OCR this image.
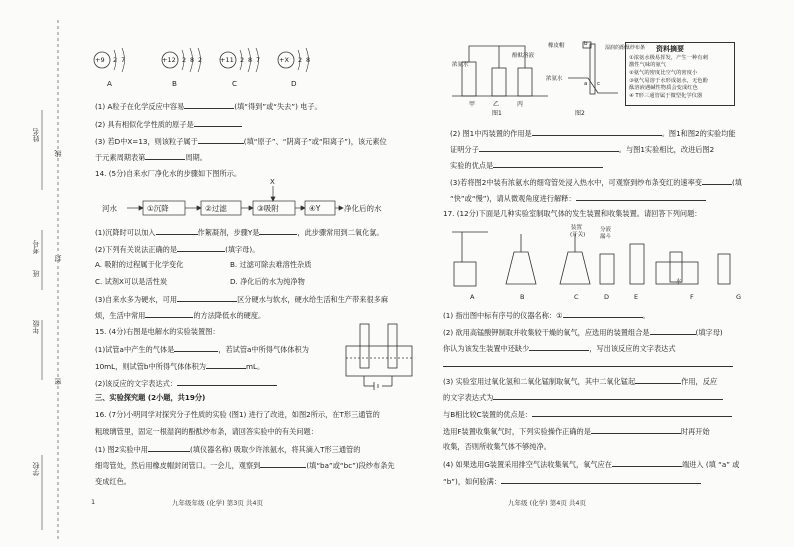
姓名
线
考号
封
班
年级
密
学校
+9 2 7	+12 2 8 2	+11 2 8 7	+X 2 8
A	B	C	D
(1) A粒子在化学反应中容易	(填“得到”或“失去”) 电子。
(2) 具有相似化学性质的原子是
(3) 若D中X=13，则该粒子属于	(填“原子”、“阴离子”或“阳离子”)，该元素位
于元素周期表第	周期。
14. (5分)自来水厂净化水的步骤如下图所示。
河水	①沉降	②过滤	③吸附	④Y	净化后的水
X
(1)沉降时可以加入	作絮凝剂，步骤Y是	，此步骤常用到二氧化氯。
(2)下列有关说法正确的是	(填字母)。
A. 吸附的过程属于化学变化	B. 过滤可除去难溶性杂质
C. 试剂X可以是活性炭	D. 净化后的水为纯净物
(3)自来水多为硬水，可用	区分硬水与软水，硬水给生活和生产带来很多麻
烦，生活中常用	的方法降低水的硬度。
15. (4分)右图是电解水的实验装置图：
(1)试管a中产生的气体是	，若试管a中所得气体体积为
10mL，则试管b中所得气体体积为	mL。
(2)该反应的文字表达式：
三、实验探究题 (2小题，共19分)
16. (7分)小明同学对探究分子性质的实验 (图1) 进行了改进，如图2所示，在T形三通管的
粗玻璃管里，固定一根湿润的酚酞纱布条，请回答实验中的有关问题：
(1) 图2实验中用	(填仪器名称) 吸取少许浓氨水，将其滴入T形三通管的
细弯管处，然后用橡皮帽封闭管口。一会儿，观察到	(填“ba”或“bc”)段纱布条先
变成红色。
1	九年级年级 (化学) 第3页 共4页
浓氨水
酚酞溶液
甲	乙	丙
图1	图2
橡皮帽
浓氨水
湿润的酚酞纱布条
b
c
a
资料摘要
①浓氨水极易挥发，产生一种有刺
激性气味的氨气
②氨气的密度比空气的密度小
③氨气易溶于水形成氨水，无色酚
酞溶液遇碱性物质会变成红色
④ T形三通管属于微型化学仪器
(2) 图1中丙装置的作用是	。图1和图2的实验均能
证明分子	。与图1实验相比，改进后图2
实验的优点是
(3)若将图2中装有浓氨水的细弯管处浸入热水中，可观察到纱布条变红的速率变	(填
“快”或“慢”)，请从微观角度进行解释：
17. (12分)下面是几种实验室制取气体的发生装置和收集装置。请回答下列问题：
A	B	C	D	E	F	G
装置
(开关)
分液
漏斗
水
(1) 指出图中标有序号的仪器名称：①	。
(2) 欲用高锰酸钾制取并收集较干燥的氧气，应选用的装置组合是	(填字母)
你认为该发生装置中还缺少	，写出该反应的文字表达式
(3) 实验室用过氧化氢和二氧化锰制取氧气，其中二氧化锰起	作用，反应
的文字表达式为
与B相比较C装置的优点是：
选用F装置收集氧气时，下列实验操作正确的是	时再开始
收集，否则所收集气体不够纯净。
(4) 如果选用G装置采用排空气法收集氧气，氧气应在	端进入 (填 “a” 或
“b”)，如何验满：
九年级 (化学) 第4页 共4页
